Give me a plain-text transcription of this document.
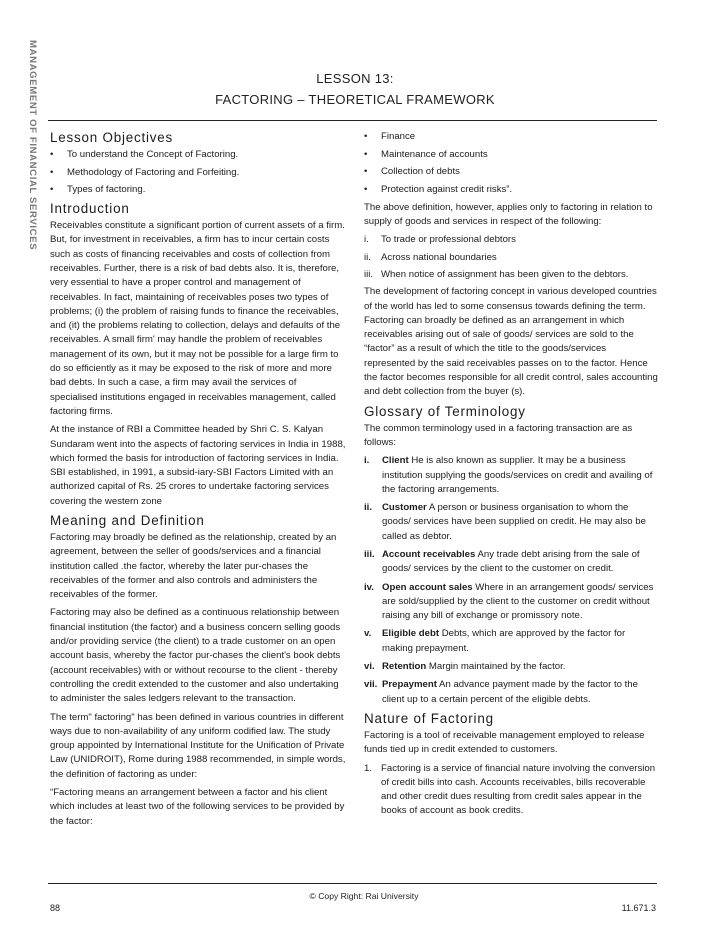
MANAGEMENT OF FINANCIAL SERVICES	LESSON 13:
FACTORING – THEORETICAL FRAMEWORK
Lesson Objectives
• To understand the Concept of Factoring.
• Methodology of Factoring and Forfeiting.
• Types of factoring.
Introduction

Receivables constitute a significant portion of current assets of a firm. But, for investment in receivables, a firm has to incur certain costs such as costs of financing receivables and costs of collection from receivables. Further, there is a risk of bad debts also. It is, therefore, very essential to have a proper control and management of receivables. In fact, maintaining of receivables poses two types of problems; (i) the problem of raising funds to finance the receivables, and (it) the problems relating to collection, delays and defaults of the receivables. A small firm' may handle the problem of receivables management of its own, but it may not be possible for a large firm to do so efficiently as it may be exposed to the risk of more and more bad debts. In such a case, a firm may avail the services of specialised institutions engaged in receivables management, called factoring firms.

At the instance of RBI a Committee headed by Shri C. S. Kalyan Sundaram went into the aspects of factoring services in India in 1988, which formed the basis for introduction of factoring services in India. SBI established, in 1991, a subsid-iary-SBI Factors Limited with an authorized capital of Rs. 25 crores to undertake factoring services covering the western zone

Meaning and Definition

Factoring may broadly be defined as the relationship, created by an agreement, between the seller of goods/services and a financial institution called .the factor, whereby the later pur-chases the receivables of the former and also controls and administers the receivables of the former.

Factoring may also be defined as a continuous relationship between financial institution (the factor) and a business concern selling goods and/or providing service (the client) to a trade customer on an open account basis, whereby the factor pur-chases the client's book debts (account receivables) with or without recourse to the client - thereby controlling the credit extended to the customer and also undertaking to administer the sales ledgers relevant to the transaction.

The term" factoring" has been defined in various countries in different ways due to non-availability of any uniform codified law. The study group appointed by International Institute for the Unification of Private Law (UNIDROIT), Rome during 1988 recommended, in simple words, the definition of factoring as under:

“Factoring means an arrangement between a factor and his client which includes at least two of the following services to be provided by the factor:

• Finance
• Maintenance of accounts
• Collection of debts
• Protection against credit risks”.

The above definition, however, applies only to factoring in relation to supply of goods and services in respect of the following:

i. To trade or professional debtors
ii. Across national boundaries
iii. When notice of assignment has been given to the debtors.

The development of factoring concept in various developed countries of the world has led to some consensus towards defining the term. Factoring can broadly be defined as an arrangement in which receivables arising out of sale of goods/ services are sold to the “factor” as a result of which the title to the goods/services represented by the said receivables passes on to the factor. Hence the factor becomes responsible for all credit control, sales accounting and debt collection from the buyer (s).

Glossary of Terminology

The common terminology used in a factoring transaction are as follows:

i. Client He is also known as supplier. It may be a business institution supplying the goods/services on credit and availing of the factoring arrangements.
ii. Customer A person or business organisation to whom the goods/ services have been supplied on credit. He may also be called as debtor.
iii. Account receivables Any trade debt arising from the sale of goods/ services by the client to the customer on credit.
iv. Open account sales Where in an arrangement goods/ services are sold/supplied by the client to the customer on credit without raising any bill of exchange or promissory note.
v. Eligible debt Debts, which are approved by the factor for making prepayment.
vi. Retention Margin maintained by the factor.
vii. Prepayment An advance payment made by the factor to the client up to a certain percent of the eligible debts.
Nature of Factoring

Factoring is a tool of receivable management employed to release funds tied up in credit extended to customers.

1. Factoring is a service of financial nature involving the conversion of credit bills into cash. Accounts receivables, bills recoverable and other credit dues resulting from credit sales appear in the books of account as book credits.
© Copy Right: Rai University
88	11.671.3
